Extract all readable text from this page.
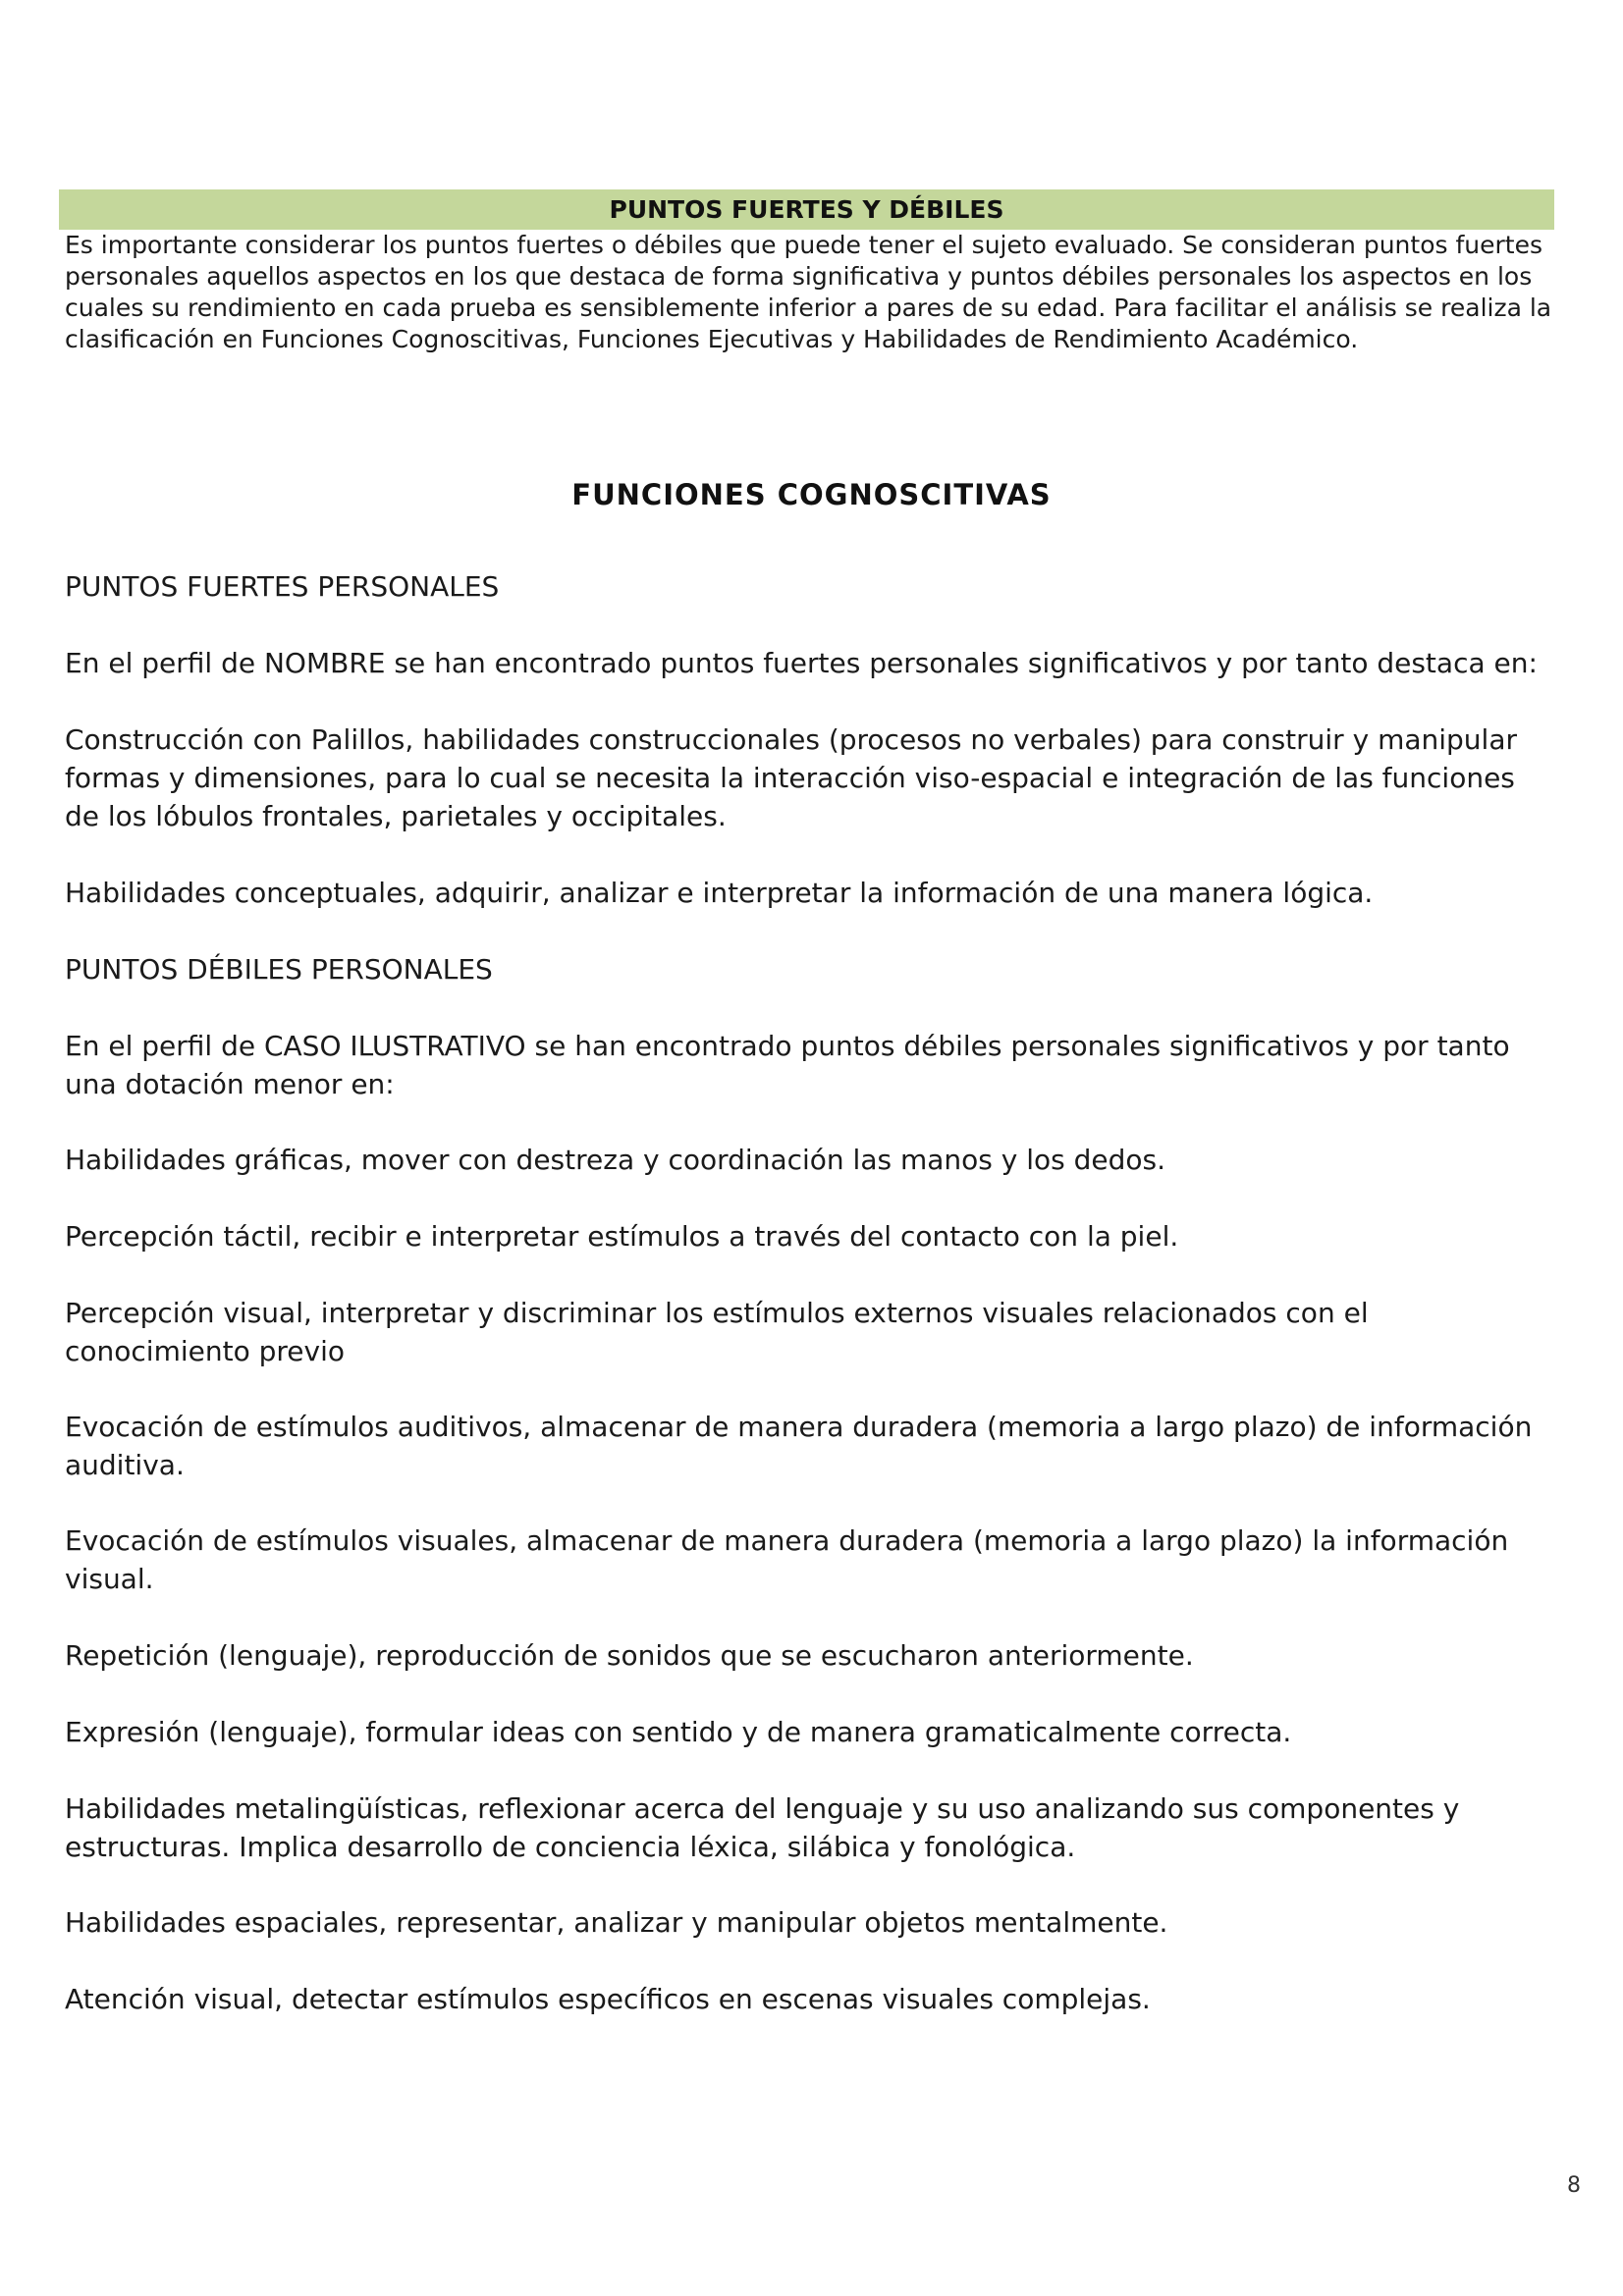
PUNTOS FUERTES Y DÉBILES
Es importante considerar los puntos fuertes o débiles que puede tener el sujeto evaluado. Se consideran puntos fuertes personales aquellos aspectos en los que destaca de forma significativa y puntos débiles personales los aspectos en los cuales su rendimiento en cada prueba es sensiblemente inferior a pares de su edad. Para facilitar el análisis se realiza la clasificación en Funciones Cognoscitivas, Funciones Ejecutivas y Habilidades de Rendimiento Académico.
FUNCIONES COGNOSCITIVAS
PUNTOS FUERTES PERSONALES

En el perfil de NOMBRE se han encontrado puntos fuertes personales significativos y por tanto destaca en:

Construcción con Palillos, habilidades construccionales (procesos no verbales) para construir y manipular formas y dimensiones, para lo cual se necesita la interacción viso-espacial e integración de las funciones de los lóbulos frontales, parietales y occipitales.

Habilidades conceptuales, adquirir, analizar e interpretar la información de una manera lógica.

PUNTOS DÉBILES PERSONALES

En el perfil de CASO ILUSTRATIVO se han encontrado puntos débiles personales significativos y por tanto una dotación menor en:

Habilidades gráficas, mover con destreza y coordinación las manos y los dedos.

Percepción táctil, recibir e interpretar estímulos a través del contacto con la piel.

Percepción visual, interpretar y discriminar los estímulos externos visuales relacionados con el conocimiento previo

Evocación de estímulos auditivos, almacenar de manera duradera (memoria a largo plazo) de información auditiva.

Evocación de estímulos visuales, almacenar de manera duradera (memoria a largo plazo) la información visual.

Repetición (lenguaje), reproducción de sonidos que se escucharon anteriormente.

Expresión (lenguaje), formular ideas con sentido y de manera gramaticalmente correcta.

Habilidades metalingüísticas, reflexionar acerca del lenguaje y su uso analizando sus componentes y estructuras. Implica desarrollo de conciencia léxica, silábica y fonológica.

Habilidades espaciales, representar, analizar y manipular objetos mentalmente.

Atención visual, detectar estímulos específicos en escenas visuales complejas.

8
